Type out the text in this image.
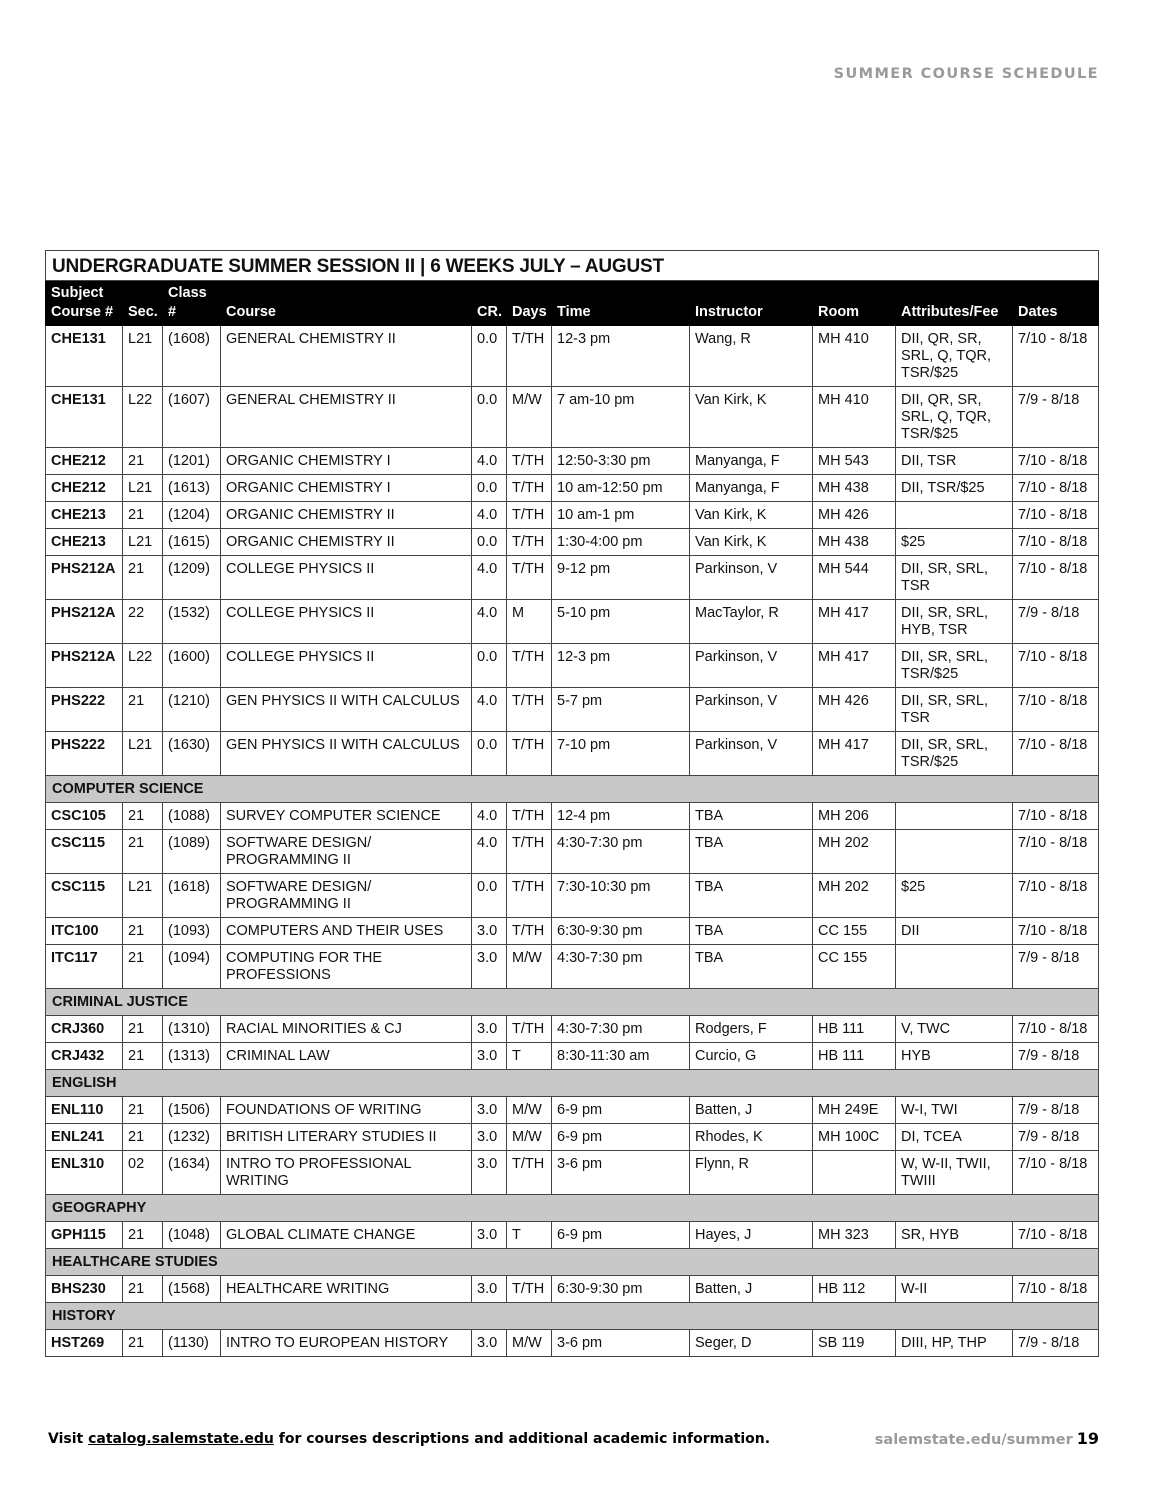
SUMMER COURSE SCHEDULE
UNDERGRADUATE SUMMER SESSION II | 6 WEEKS JULY – AUGUST										
Subject
Course #	Sec.	Class #	Course	CR.	Days	Time	Instructor	Room	Attributes/Fee	Dates
CHE131	L21	(1608)	GENERAL CHEMISTRY II	0.0	T/TH	12-3 pm	Wang, R	MH 410	DII, QR, SR, SRL, Q, TQR, TSR/$25	7/10 - 8/18
CHE131	L22	(1607)	GENERAL CHEMISTRY II	0.0	M/W	7 am-10 pm	Van Kirk, K	MH 410	DII, QR, SR, SRL, Q, TQR, TSR/$25	7/9 - 8/18
CHE212	21	(1201)	ORGANIC CHEMISTRY I	4.0	T/TH	12:50-3:30 pm	Manyanga, F	MH 543	DII, TSR	7/10 - 8/18
CHE212	L21	(1613)	ORGANIC CHEMISTRY I	0.0	T/TH	10 am-12:50 pm	Manyanga, F	MH 438	DII, TSR/$25	7/10 - 8/18
CHE213	21	(1204)	ORGANIC CHEMISTRY II	4.0	T/TH	10 am-1 pm	Van Kirk, K	MH 426		7/10 - 8/18
CHE213	L21	(1615)	ORGANIC CHEMISTRY II	0.0	T/TH	1:30-4:00 pm	Van Kirk, K	MH 438	$25	7/10 - 8/18
PHS212A	21	(1209)	COLLEGE PHYSICS II	4.0	T/TH	9-12 pm	Parkinson, V	MH 544	DII, SR, SRL, TSR	7/10 - 8/18
PHS212A	22	(1532)	COLLEGE PHYSICS II	4.0	M	5-10 pm	MacTaylor, R	MH 417	DII, SR, SRL, HYB, TSR	7/9 - 8/18
PHS212A	L22	(1600)	COLLEGE PHYSICS II	0.0	T/TH	12-3 pm	Parkinson, V	MH 417	DII, SR, SRL, TSR/$25	7/10 - 8/18
PHS222	21	(1210)	GEN PHYSICS II WITH CALCULUS	4.0	T/TH	5-7 pm	Parkinson, V	MH 426	DII, SR, SRL, TSR	7/10 - 8/18
PHS222	L21	(1630)	GEN PHYSICS II WITH CALCULUS	0.0	T/TH	7-10 pm	Parkinson, V	MH 417	DII, SR, SRL, TSR/$25	7/10 - 8/18
COMPUTER SCIENCE										
CSC105	21	(1088)	SURVEY COMPUTER SCIENCE	4.0	T/TH	12-4 pm	TBA	MH 206		7/10 - 8/18
CSC115	21	(1089)	SOFTWARE DESIGN/ PROGRAMMING II	4.0	T/TH	4:30-7:30 pm	TBA	MH 202		7/10 - 8/18
CSC115	L21	(1618)	SOFTWARE DESIGN/ PROGRAMMING II	0.0	T/TH	7:30-10:30 pm	TBA	MH 202	$25	7/10 - 8/18
ITC100	21	(1093)	COMPUTERS AND THEIR USES	3.0	T/TH	6:30-9:30 pm	TBA	CC 155	DII	7/10 - 8/18
ITC117	21	(1094)	COMPUTING FOR THE PROFESSIONS	3.0	M/W	4:30-7:30 pm	TBA	CC 155		7/9 - 8/18
CRIMINAL JUSTICE										
CRJ360	21	(1310)	RACIAL MINORITIES & CJ	3.0	T/TH	4:30-7:30 pm	Rodgers, F	HB 111	V, TWC	7/10 - 8/18
CRJ432	21	(1313)	CRIMINAL LAW	3.0	T	8:30-11:30 am	Curcio, G	HB 111	HYB	7/9 - 8/18
ENGLISH										
ENL110	21	(1506)	FOUNDATIONS OF WRITING	3.0	M/W	6-9 pm	Batten, J	MH 249E	W-I, TWI	7/9 - 8/18
ENL241	21	(1232)	BRITISH LITERARY STUDIES II	3.0	M/W	6-9 pm	Rhodes, K	MH 100C	DI, TCEA	7/9 - 8/18
ENL310	02	(1634)	INTRO TO PROFESSIONAL WRITING	3.0	T/TH	3-6 pm	Flynn, R		W, W-II, TWII, TWIII	7/10 - 8/18
GEOGRAPHY										
GPH115	21	(1048)	GLOBAL CLIMATE CHANGE	3.0	T	6-9 pm	Hayes, J	MH 323	SR, HYB	7/10 - 8/18
HEALTHCARE STUDIES										
BHS230	21	(1568)	HEALTHCARE WRITING	3.0	T/TH	6:30-9:30 pm	Batten, J	HB 112	W-II	7/10 - 8/18
HISTORY										
HST269	21	(1130)	INTRO TO EUROPEAN HISTORY	3.0	M/W	3-6 pm	Seger, D	SB 119	DIII, HP, THP	7/9 - 8/18
Visit catalog.salemstate.edu for courses descriptions and additional academic information.	salemstate.edu/summer 19
